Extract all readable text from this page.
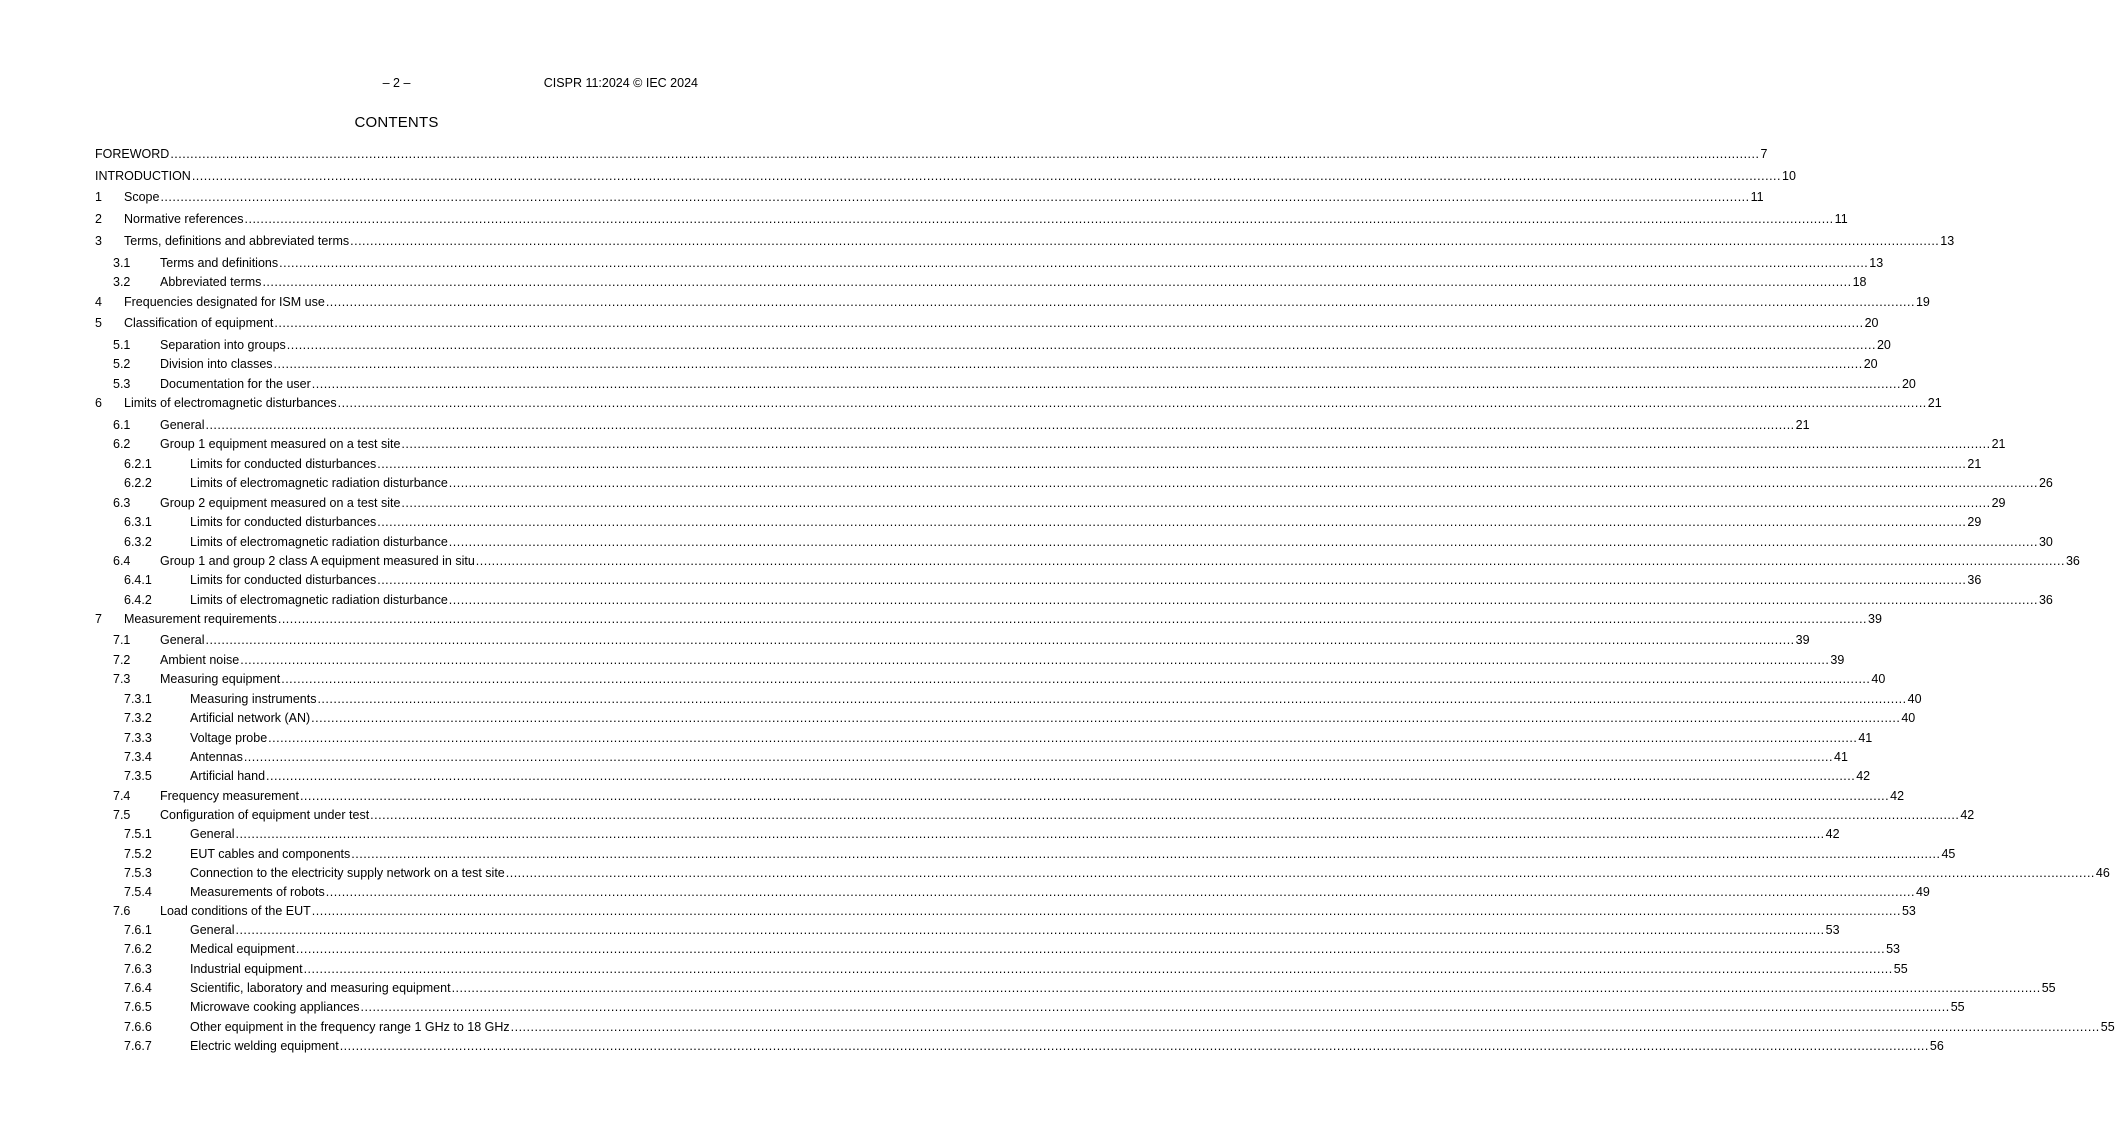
– 2 –	CISPR 11:2024 © IEC 2024
CONTENTS
FOREWORD ................................................................................................................................................................................................................................................................................................................................................................................................................ 7
INTRODUCTION ................................................................................................................................................................................................................................................................................................................................................................................................................ 10
1 Scope ................................................................................................................................................................................................................................................................................................................................................................................................................ 11
2 Normative references ................................................................................................................................................................................................................................................................................................................................................................................................................ 11
3 Terms, definitions and abbreviated terms ................................................................................................................................................................................................................................................................................................................................................................................................................ 13
3.1 Terms and definitions ................................................................................................................................................................................................................................................................................................................................................................................................................ 13
3.2 Abbreviated terms ................................................................................................................................................................................................................................................................................................................................................................................................................ 18
4 Frequencies designated for ISM use ................................................................................................................................................................................................................................................................................................................................................................................................................ 19
5 Classification of equipment ................................................................................................................................................................................................................................................................................................................................................................................................................ 20
5.1 Separation into groups ................................................................................................................................................................................................................................................................................................................................................................................................................ 20
5.2 Division into classes ................................................................................................................................................................................................................................................................................................................................................................................................................ 20
5.3 Documentation for the user ................................................................................................................................................................................................................................................................................................................................................................................................................ 20
6 Limits of electromagnetic disturbances ................................................................................................................................................................................................................................................................................................................................................................................................................ 21
6.1 General ................................................................................................................................................................................................................................................................................................................................................................................................................ 21
6.2 Group 1 equipment measured on a test site ................................................................................................................................................................................................................................................................................................................................................................................................................ 21
6.2.1	Limits for conducted disturbances ................................................................................................................................................................................................................................................................................................................................................................................................................ 21
6.2.2	Limits of electromagnetic radiation disturbance ................................................................................................................................................................................................................................................................................................................................................................................................................ 26
6.3 Group 2 equipment measured on a test site ................................................................................................................................................................................................................................................................................................................................................................................................................ 29
6.3.1	Limits for conducted disturbances ................................................................................................................................................................................................................................................................................................................................................................................................................ 29
6.3.2	Limits of electromagnetic radiation disturbance ................................................................................................................................................................................................................................................................................................................................................................................................................ 30
6.4 Group 1 and group 2 class A equipment measured in situ ................................................................................................................................................................................................................................................................................................................................................................................................................ 36
6.4.1	Limits for conducted disturbances ................................................................................................................................................................................................................................................................................................................................................................................................................ 36
6.4.2	Limits of electromagnetic radiation disturbance ................................................................................................................................................................................................................................................................................................................................................................................................................ 36
7 Measurement requirements ................................................................................................................................................................................................................................................................................................................................................................................................................ 39
7.1 General ................................................................................................................................................................................................................................................................................................................................................................................................................ 39
7.2 Ambient noise ................................................................................................................................................................................................................................................................................................................................................................................................................ 39
7.3 Measuring equipment ................................................................................................................................................................................................................................................................................................................................................................................................................ 40
7.3.1	Measuring instruments ................................................................................................................................................................................................................................................................................................................................................................................................................ 40
7.3.2	Artificial network (AN) ................................................................................................................................................................................................................................................................................................................................................................................................................ 40
7.3.3	Voltage probe ................................................................................................................................................................................................................................................................................................................................................................................................................ 41
7.3.4	Antennas ................................................................................................................................................................................................................................................................................................................................................................................................................ 41
7.3.5	Artificial hand ................................................................................................................................................................................................................................................................................................................................................................................................................ 42
7.4 Frequency measurement ................................................................................................................................................................................................................................................................................................................................................................................................................ 42
7.5 Configuration of equipment under test ................................................................................................................................................................................................................................................................................................................................................................................................................ 42
7.5.1	General ................................................................................................................................................................................................................................................................................................................................................................................................................ 42
7.5.2	EUT cables and components ................................................................................................................................................................................................................................................................................................................................................................................................................ 45
7.5.3	Connection to the electricity supply network on a test site ................................................................................................................................................................................................................................................................................................................................................................................................................ 46
7.5.4	Measurements of robots ................................................................................................................................................................................................................................................................................................................................................................................................................ 49
7.6 Load conditions of the EUT ................................................................................................................................................................................................................................................................................................................................................................................................................ 53
7.6.1	General ................................................................................................................................................................................................................................................................................................................................................................................................................ 53
7.6.2	Medical equipment ................................................................................................................................................................................................................................................................................................................................................................................................................ 53
7.6.3	Industrial equipment ................................................................................................................................................................................................................................................................................................................................................................................................................ 55
7.6.4	Scientific, laboratory and measuring equipment ................................................................................................................................................................................................................................................................................................................................................................................................................ 55
7.6.5	Microwave cooking appliances ................................................................................................................................................................................................................................................................................................................................................................................................................ 55
7.6.6	Other equipment in the frequency range 1 GHz to 18 GHz ................................................................................................................................................................................................................................................................................................................................................................................................................ 55
7.6.7	Electric welding equipment ................................................................................................................................................................................................................................................................................................................................................................................................................ 56
